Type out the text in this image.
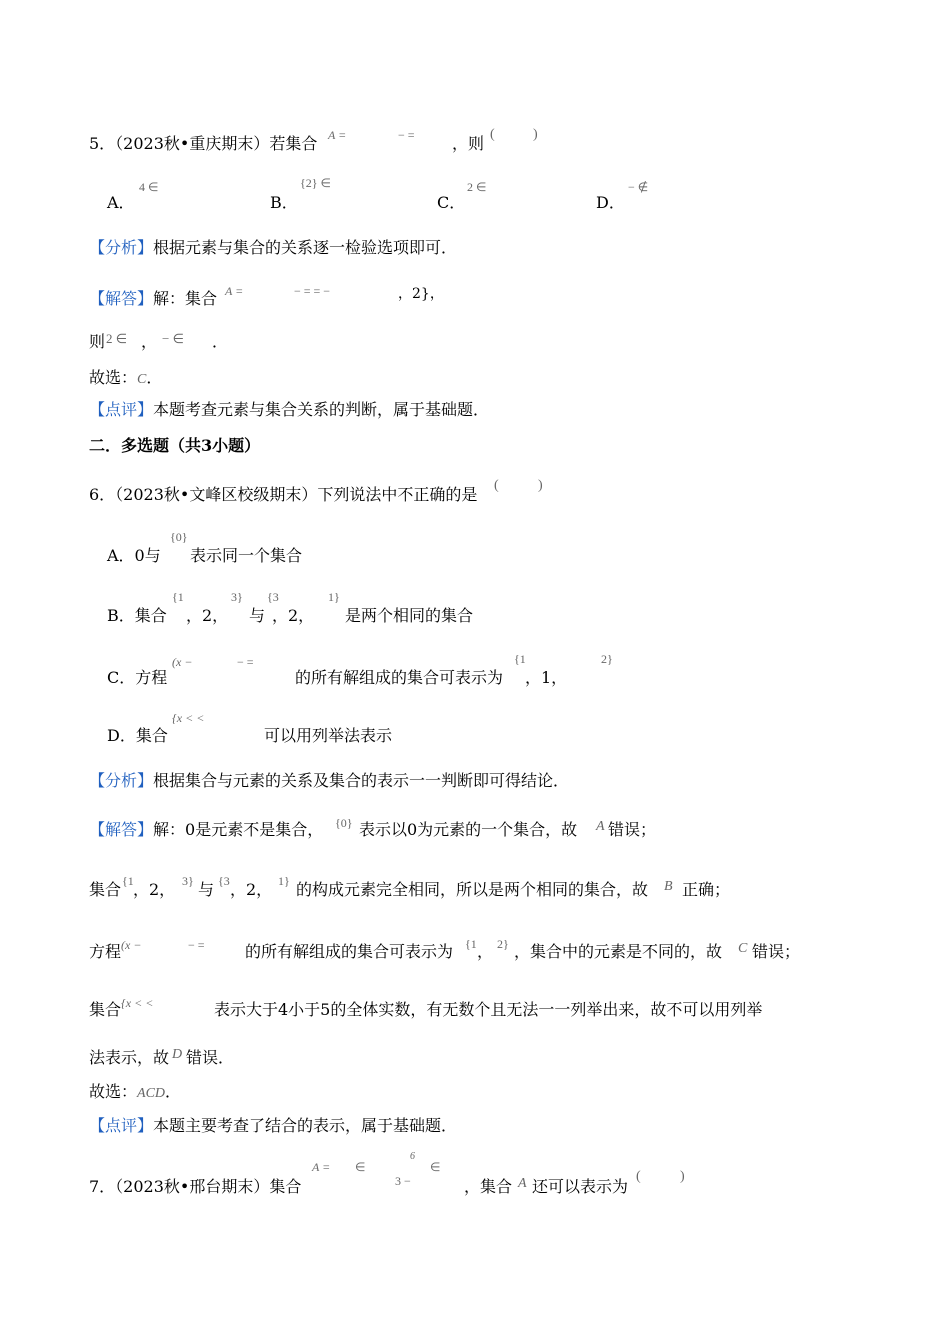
5．（2023秋•重庆期末）若集合 A =	− = ，则 (	)
A．
4 ∈
B．
{2} ∈
C．
2 ∈
D．
− ∉
【分析】根据元素与集合的关系逐一检验选项即可．
【解答】解：集合 A =	− = = −	，2}，
则 2 ∈ ， − ∈ ．
故选：C．
【点评】本题考查元素与集合关系的判断，属于基础题．
二．多选题（共3小题）
6．（2023秋•文峰区校级期末）下列说法中不正确的是 (	)
A．0与
{0}
表示同一个集合
B．集合
{1
，2，
3}
与
{3
，2，
1}
是两个相同的集合
C．方程
(x −	− =
的所有解组成的集合可表示为
{1
，1，
2}
D．集合
{x < <
可以用列举法表示
【分析】根据集合与元素的关系及集合的表示一一判断即可得结论．
【解答】解：0是元素不是集合， {0} 表示以0为元素的一个集合，故 A 错误；
集合 {1 ，2， 3} 与 {3 ，2， 1} 的构成元素完全相同，所以是两个相同的集合，故 B 正确；
方程 (x −	− =	的所有解组成的集合可表示为 {1 ， 2} ，集合中的元素是不同的，故 C 错误；
集合 {x < <	表示大于4小于5的全体实数，有无数个且无法一一列举出来，故不可以用列举
法表示，故 D 错误．
故选：ACD．
【点评】本题主要考查了结合的表示，属于基础题．
7．（2023秋•邢台期末）集合
A = ∈
6
3 −
∈
，集合 A 还可以表示为
(	)
